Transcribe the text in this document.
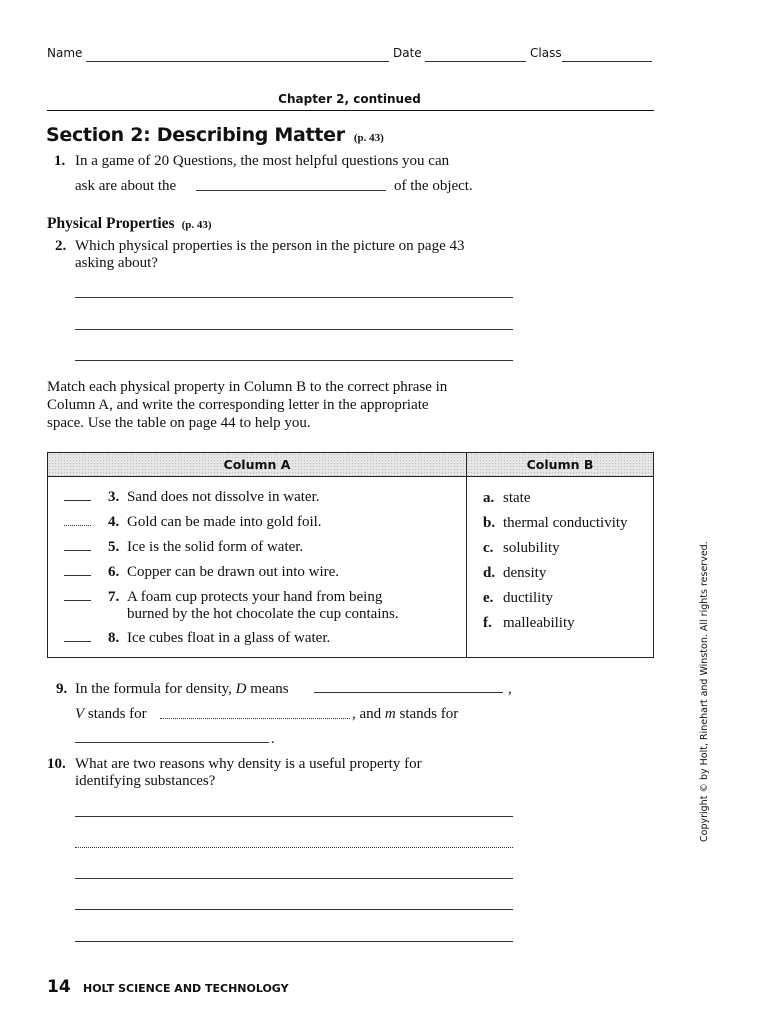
Name	Date	Class
Chapter 2, continued
Section 2: Describing Matter (p. 43)
1. In a game of 20 Questions, the most helpful questions you can
ask are about the	of the object.
Physical Properties (p. 43)
2. Which physical properties is the person in the picture on page 43
asking about?
Match each physical property in Column B to the correct phrase in
Column A, and write the corresponding letter in the appropriate
space. Use the table on page 44 to help you.
Column A	Column B
3. Sand does not dissolve in water.
4. Gold can be made into gold foil.
5. Ice is the solid form of water.
6. Copper can be drawn out into wire.
7. A foam cup protects your hand from being
burned by the hot chocolate the cup contains.
8. Ice cubes float in a glass of water.
a. state
b. thermal conductivity
c. solubility
d. density
e. ductility
f. malleability
9. In the formula for density, D means	,
V stands for	, and m stands for
.
10. What are two reasons why density is a useful property for
identifying substances?
14 HOLT SCIENCE AND TECHNOLOGY
Copyright © by Holt, Rinehart and Winston. All rights reserved.
